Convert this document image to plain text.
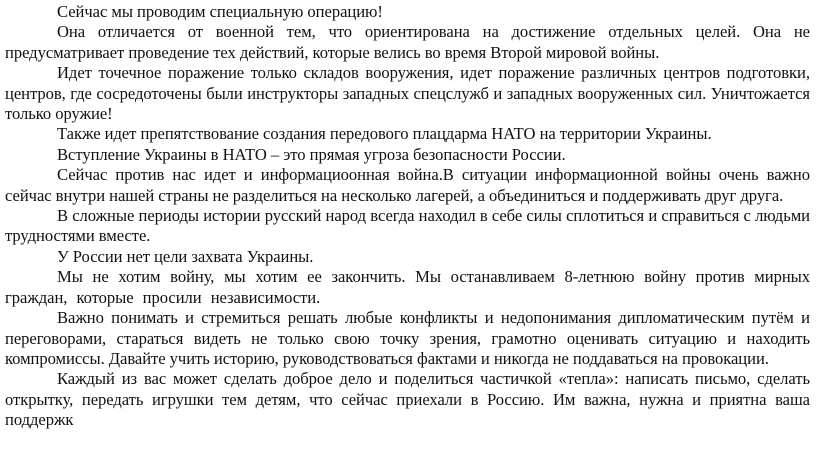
Сейчас мы проводим специальную операцию!

Она отличается от военной тем, что ориентирована на достижение отдельных целей. Она не предусматривает проведение тех действий, которые велись во время Второй мировой войны.

Идет точечное поражение только складов вооружения, идет поражение различных центров подготовки, центров, где сосредоточены были инструкторы западных спецслужб и западных вооруженных сил. Уничтожается только оружие!

Также идет препятствование создания передового плацдарма НАТО на территории Украины.

Вступление Украины в НАТО – это прямая угроза безопасности России.

Сейчас против нас идет и информациоонная война.В ситуации информационной войны очень важно сейчас внутри нашей страны не разделиться на несколько лагерей, а объединиться и поддерживать друг друга.

В сложные периоды истории русский народ всегда находил в себе силы сплотиться и справиться с людьми трудностями вместе.

У России нет цели захвата Украины.

Мы не хотим войну, мы хотим ее закончить. Мы останавливаем 8-летнюю войну против мирных граждан, которые просили независимости.

Важно понимать и стремиться решать любые конфликты и недопонимания дипломатическим путём и переговорами, стараться видеть не только свою точку зрения, грамотно оценивать ситуацию и находить компромиссы. Давайте учить историю, руководствоваться фактами и никогда не поддаваться на провокации.

Каждый из вас может сделать доброе дело и поделиться частичкой «тепла»: написать письмо, сделать открытку, передать игрушки тем детям, что сейчас приехали в Россию. Им важна, нужна и приятна ваша поддержк
